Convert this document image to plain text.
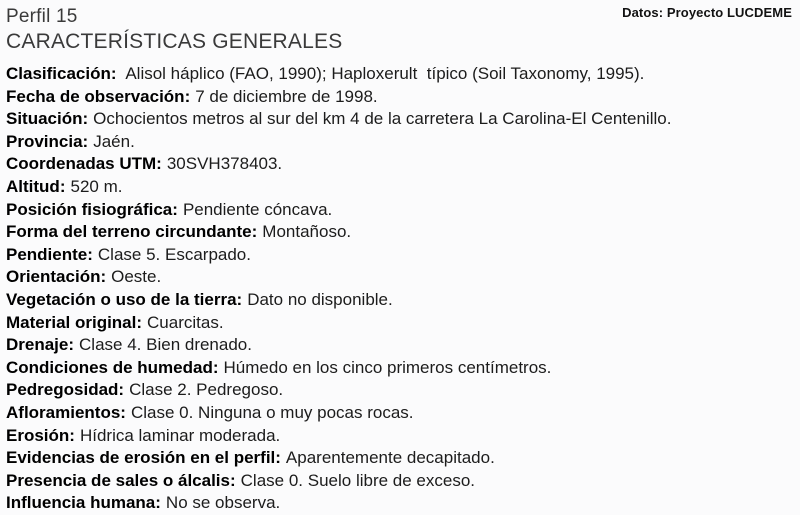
Datos: Proyecto LUCDEME
Perfil 15
CARACTERÍSTICAS GENERALES
Clasificación: Alisol háplico (FAO, 1990); Haploxerult  típico (Soil Taxonomy, 1995).
Fecha de observación: 7 de diciembre de 1998.
Situación: Ochocientos metros al sur del km 4 de la carretera La Carolina-El Centenillo.
Provincia: Jaén.
Coordenadas UTM: 30SVH378403.
Altitud: 520 m.
Posición fisiográfica: Pendiente cóncava.
Forma del terreno circundante: Montañoso.
Pendiente: Clase 5. Escarpado.
Orientación: Oeste.
Vegetación o uso de la tierra: Dato no disponible.
Material original: Cuarcitas.
Drenaje: Clase 4. Bien drenado.
Condiciones de humedad: Húmedo en los cinco primeros centímetros.
Pedregosidad: Clase 2. Pedregoso.
Afloramientos: Clase 0. Ninguna o muy pocas rocas.
Erosión: Hídrica laminar moderada.
Evidencias de erosión en el perfil: Aparentemente decapitado.
Presencia de sales o álcalis: Clase 0. Suelo libre de exceso.
Influencia humana: No se observa.
